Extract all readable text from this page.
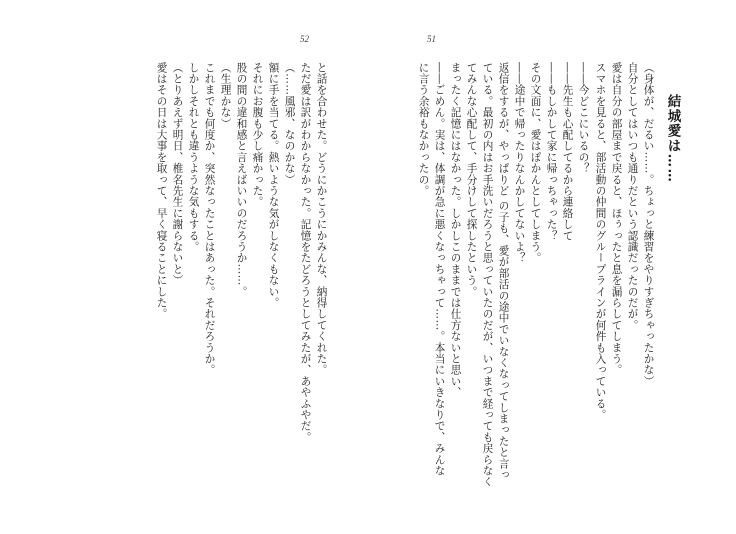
52	51
結城愛は……
（身体が、だるい……。ちょっと練習をやりすぎちゃったかな）
自分としてはいつも通りだという認識だったのだが。
愛は自分の部屋まで戻ると、ほぅったと息を漏らしてしまう。
スマホを見ると、部活動の仲間のグループラインが何件も入っている。
――今どこにいるの？
――先生も心配してるから連絡して
――もしかして家に帰っちゃった？
その文面に、愛はぽかんとしてしまう。
――途中で帰ったりなんかしてないよ？
返信をするが、やっぱりど の子も、愛が部活の途中でいなくなってしまったと言っ
ている。最初の内はお手洗いだろうと思っていたのだが、いつまで経っても戻らなく
てみんな心配して、手分けして探したという。
まったく記憶にはなかった。しかしこのままでは仕方ないと思い、
――ごめん。実は、体調が急に悪くなっちゃって……。本当にいきなりで、みんな
に言う余裕もなかったの。
と話を合わせた。どうにかこうにかみんな、納得してくれた。
ただ愛は訳がわからなかった。記憶をたどろうとしてみたが、あやふやだ。
（……風邪、なのかな）
額に手を当てる。熱いような気がしなくもない。
それにお腹も少し痛かった。
股の間の違和感と言えばいいのだろうか……。
（生理かな）
これまでも何度か、突然なったことはあった。それだろうか。
しかしそれとも違うような気もする。
（とりあえず明日、椎名先生に謝らないと）
愛はその日は大事を取って、早く寝ることにした。
